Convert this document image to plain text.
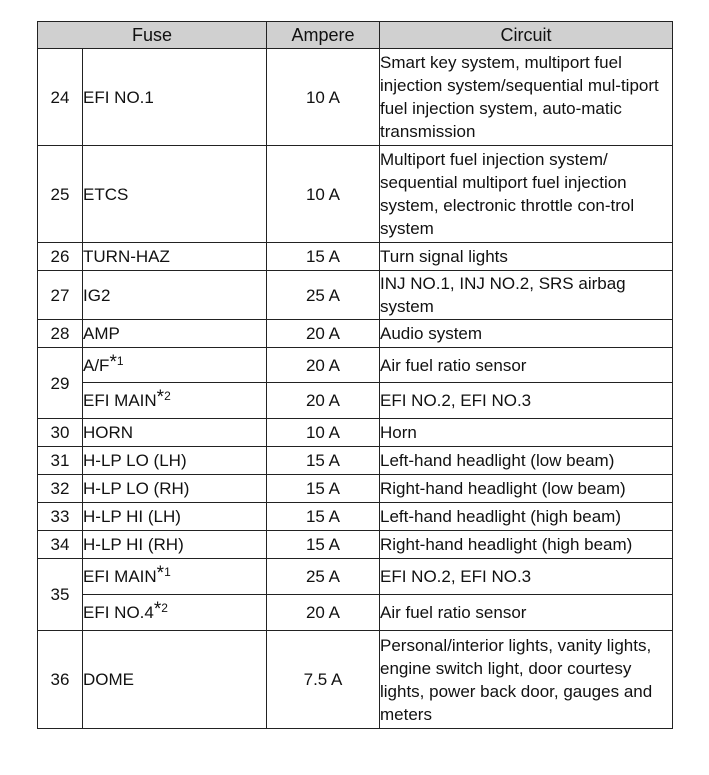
Fuse		Ampere	Circuit
24	EFI NO.1	10 A	Smart key system, multiport fuel injection system/sequential mul-tiport fuel injection system, auto-matic transmission
25	ETCS	10 A	Multiport fuel injection system/ sequential multiport fuel injection system, electronic throttle con-trol system
26	TURN-HAZ	15 A	Turn signal lights
27	IG2	25 A	INJ NO.1, INJ NO.2, SRS airbag system
28	AMP	20 A	Audio system
29	$A/F^{*1}$	20 A	Air fuel ratio sensor
	EFI MAIN$^{*2}$	20 A	EFI NO.2, EFI NO.3
30	HORN	10 A	Horn
31	H-LP LO (LH)	15 A	Left-hand headlight (low beam)
32	H-LP LO (RH)	15 A	Right-hand headlight (low beam)
33	H-LP HI (LH)	15 A	Left-hand headlight (high beam)
34	H-LP HI (RH)	15 A	Right-hand headlight (high beam)
35	EFI MAIN$^{*1}$	25 A	EFI NO.2, EFI NO.3
	EFI NO.4$^{*2}$	20 A	Air fuel ratio sensor
36	DOME	7.5 A	Personal/interior lights, vanity lights, engine switch light, door courtesy lights, power back door, gauges and meters
